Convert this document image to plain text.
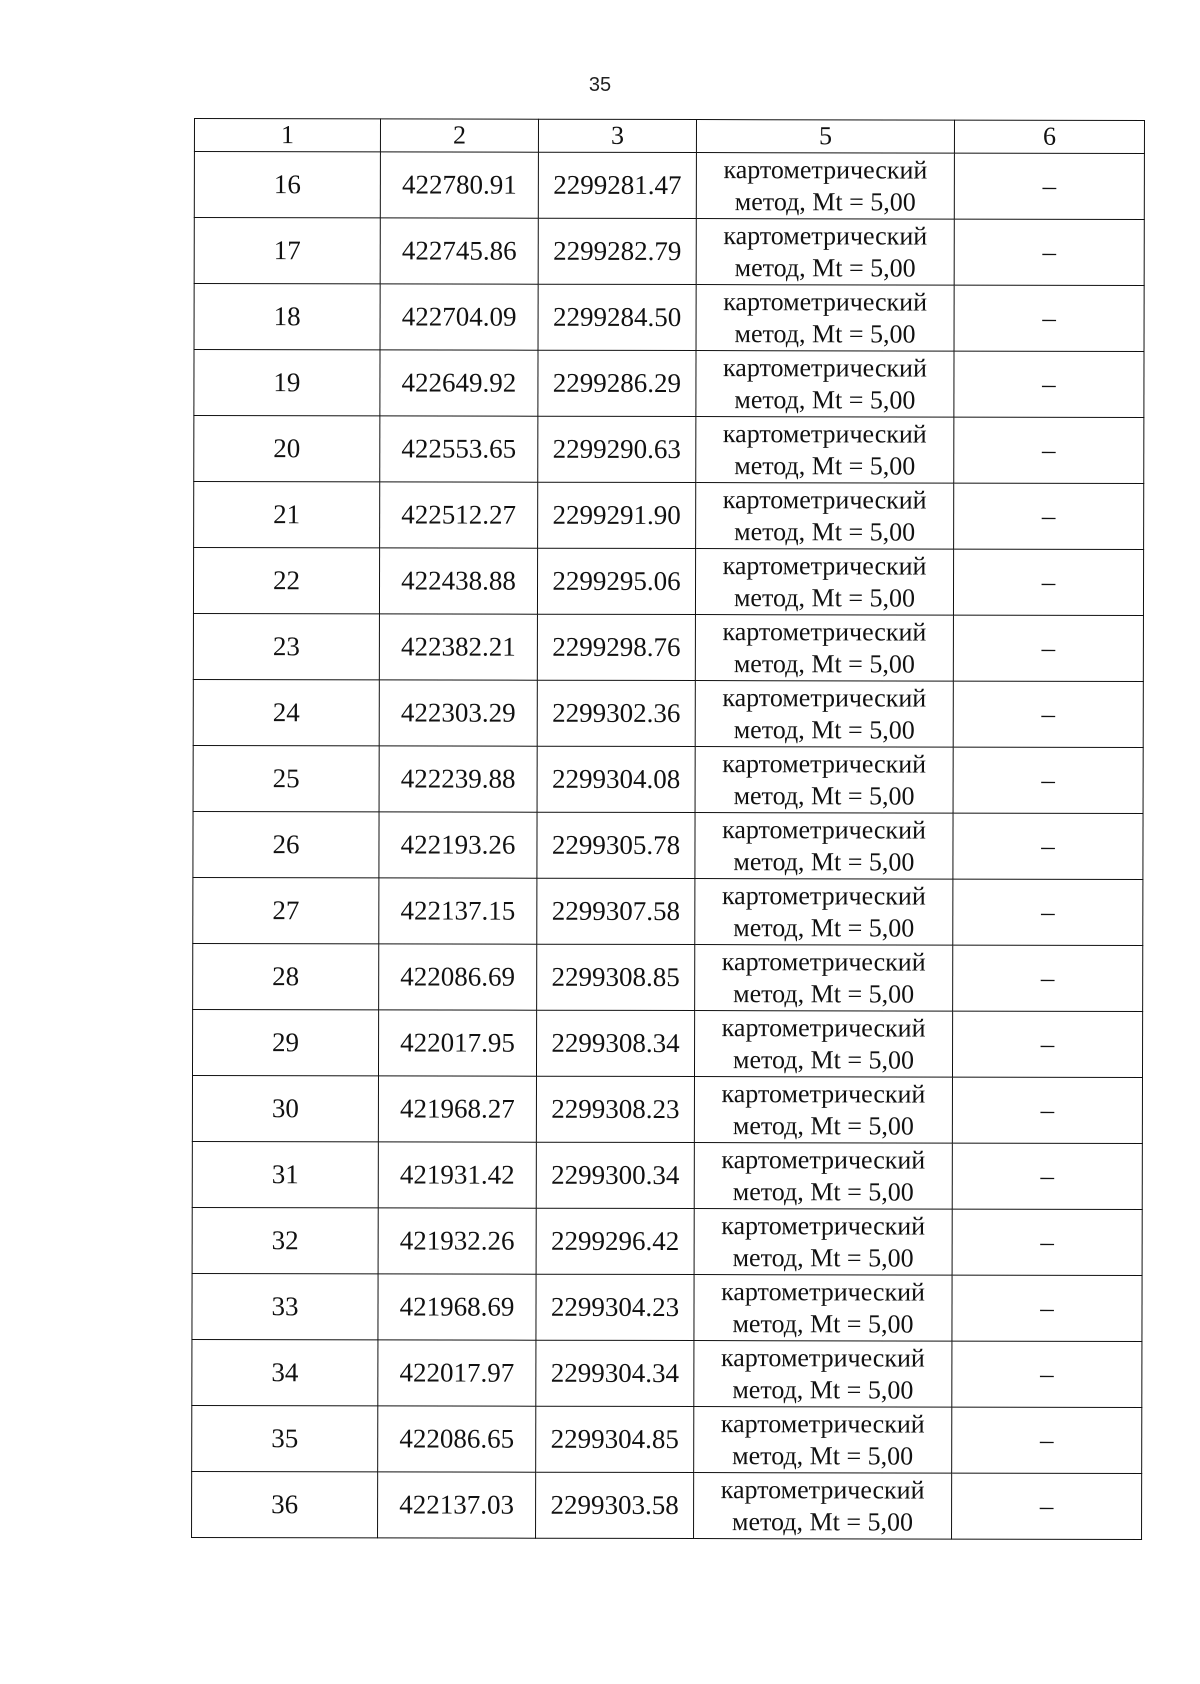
35
1	2	3	5	6
16	422780.91	2299281.47	картометрический
метод, Mt = 5,00	–
17	422745.86	2299282.79	картометрический
метод, Mt = 5,00	–
18	422704.09	2299284.50	картометрический
метод, Mt = 5,00	–
19	422649.92	2299286.29	картометрический
метод, Mt = 5,00	–
20	422553.65	2299290.63	картометрический
метод, Mt = 5,00	–
21	422512.27	2299291.90	картометрический
метод, Mt = 5,00	–
22	422438.88	2299295.06	картометрический
метод, Mt = 5,00	–
23	422382.21	2299298.76	картометрический
метод, Mt = 5,00	–
24	422303.29	2299302.36	картометрический
метод, Mt = 5,00	–
25	422239.88	2299304.08	картометрический
метод, Mt = 5,00	–
26	422193.26	2299305.78	картометрический
метод, Mt = 5,00	–
27	422137.15	2299307.58	картометрический
метод, Mt = 5,00	–
28	422086.69	2299308.85	картометрический
метод, Mt = 5,00	–
29	422017.95	2299308.34	картометрический
метод, Mt = 5,00	–
30	421968.27	2299308.23	картометрический
метод, Mt = 5,00	–
31	421931.42	2299300.34	картометрический
метод, Mt = 5,00	–
32	421932.26	2299296.42	картометрический
метод, Mt = 5,00	–
33	421968.69	2299304.23	картометрический
метод, Mt = 5,00	–
34	422017.97	2299304.34	картометрический
метод, Mt = 5,00	–
35	422086.65	2299304.85	картометрический
метод, Mt = 5,00	–
36	422137.03	2299303.58	картометрический
метод, Mt = 5,00	–
